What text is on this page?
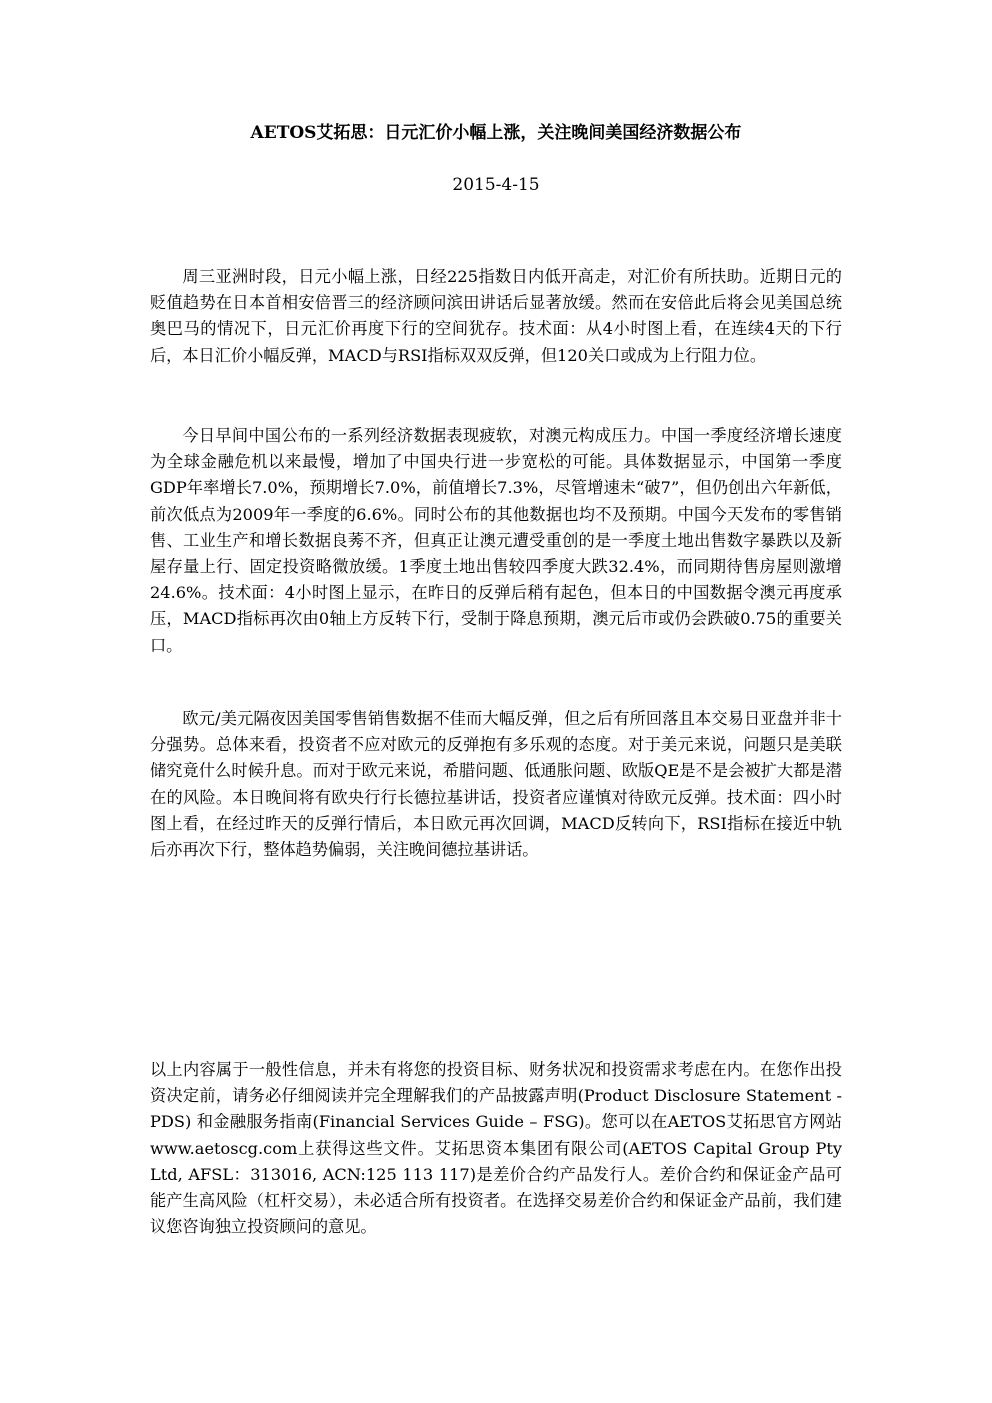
AETOS艾拓思：日元汇价小幅上涨，关注晚间美国经济数据公布
2015-4-15

周三亚洲时段，日元小幅上涨，日经225指数日内低开高走，对汇价有所扶助。近期日元的贬值趋势在日本首相安倍晋三的经济顾问滨田讲话后显著放缓。然而在安倍此后将会见美国总统奥巴马的情况下，日元汇价再度下行的空间犹存。技术面：从4小时图上看，在连续4天的下行后，本日汇价小幅反弹，MACD与RSI指标双双反弹，但120关口或成为上行阻力位。

今日早间中国公布的一系列经济数据表现疲软，对澳元构成压力。中国一季度经济增长速度为全球金融危机以来最慢，增加了中国央行进一步宽松的可能。具体数据显示，中国第一季度GDP年率增长7.0%，预期增长7.0%，前值增长7.3%，尽管增速未“破7”，但仍创出六年新低，前次低点为2009年一季度的6.6%。同时公布的其他数据也均不及预期。中国今天发布的零售销售、工业生产和增长数据良莠不齐，但真正让澳元遭受重创的是一季度土地出售数字暴跌以及新屋存量上行、固定投资略微放缓。1季度土地出售较四季度大跌32.4%，而同期待售房屋则激增24.6%。技术面：4小时图上显示，在昨日的反弹后稍有起色，但本日的中国数据令澳元再度承压，MACD指标再次由0轴上方反转下行，受制于降息预期，澳元后市或仍会跌破0.75的重要关口。

欧元/美元隔夜因美国零售销售数据不佳而大幅反弹，但之后有所回落且本交易日亚盘并非十分强势。总体来看，投资者不应对欧元的反弹抱有多乐观的态度。对于美元来说，问题只是美联储究竟什么时候升息。而对于欧元来说，希腊问题、低通胀问题、欧版QE是不是会被扩大都是潜在的风险。本日晚间将有欧央行行长德拉基讲话，投资者应谨慎对待欧元反弹。技术面：四小时图上看，在经过昨天的反弹行情后，本日欧元再次回调，MACD反转向下，RSI指标在接近中轨后亦再次下行，整体趋势偏弱，关注晚间德拉基讲话。

以上内容属于一般性信息，并未有将您的投资目标、财务状况和投资需求考虑在内。在您作出投资决定前，请务必仔细阅读并完全理解我们的产品披露声明(Product Disclosure Statement - PDS) 和金融服务指南(Financial Services Guide – FSG)。您可以在AETOS艾拓思官方网站www.aetoscg.com上获得这些文件。艾拓思资本集团有限公司(AETOS Capital Group Pty Ltd, AFSL：313016, ACN:125 113 117)是差价合约产品发行人。差价合约和保证金产品可能产生高风险（杠杆交易），未必适合所有投资者。在选择交易差价合约和保证金产品前，我们建议您咨询独立投资顾问的意见。
